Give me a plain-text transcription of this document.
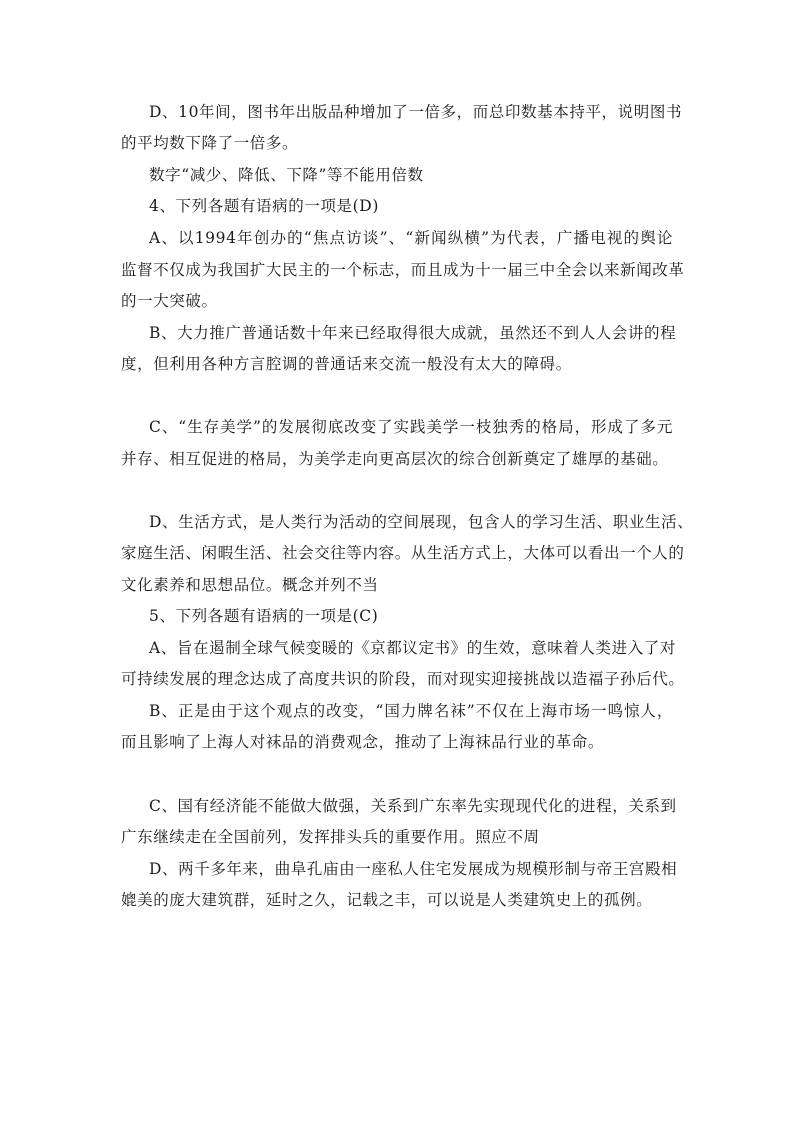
D、10年间，图书年出版品种增加了一倍多，而总印数基本持平，说明图书
的平均数下降了一倍多。
数字“减少、降低、下降”等不能用倍数
4、下列各题有语病的一项是(D)
A、以1994年创办的“焦点访谈”、“新闻纵横”为代表，广播电视的舆论
监督不仅成为我国扩大民主的一个标志，而且成为十一届三中全会以来新闻改革
的一大突破。
B、大力推广普通话数十年来已经取得很大成就，虽然还不到人人会讲的程
度，但利用各种方言腔调的普通话来交流一般没有太大的障碍。
C、“生存美学”的发展彻底改变了实践美学一枝独秀的格局，形成了多元
并存、相互促进的格局，为美学走向更高层次的综合创新奠定了雄厚的基础。
D、生活方式，是人类行为活动的空间展现，包含人的学习生活、职业生活、
家庭生活、闲暇生活、社会交往等内容。从生活方式上，大体可以看出一个人的
文化素养和思想品位。概念并列不当
5、下列各题有语病的一项是(C)
A、旨在遏制全球气候变暖的《京都议定书》的生效，意味着人类进入了对
可持续发展的理念达成了高度共识的阶段，而对现实迎接挑战以造福子孙后代。
B、正是由于这个观点的改变，“国力牌名袜”不仅在上海市场一鸣惊人，
而且影响了上海人对袜品的消费观念，推动了上海袜品行业的革命。
C、国有经济能不能做大做强，关系到广东率先实现现代化的进程，关系到
广东继续走在全国前列，发挥排头兵的重要作用。照应不周
D、两千多年来，曲阜孔庙由一座私人住宅发展成为规模形制与帝王宫殿相
媲美的庞大建筑群，延时之久，记载之丰，可以说是人类建筑史上的孤例。
